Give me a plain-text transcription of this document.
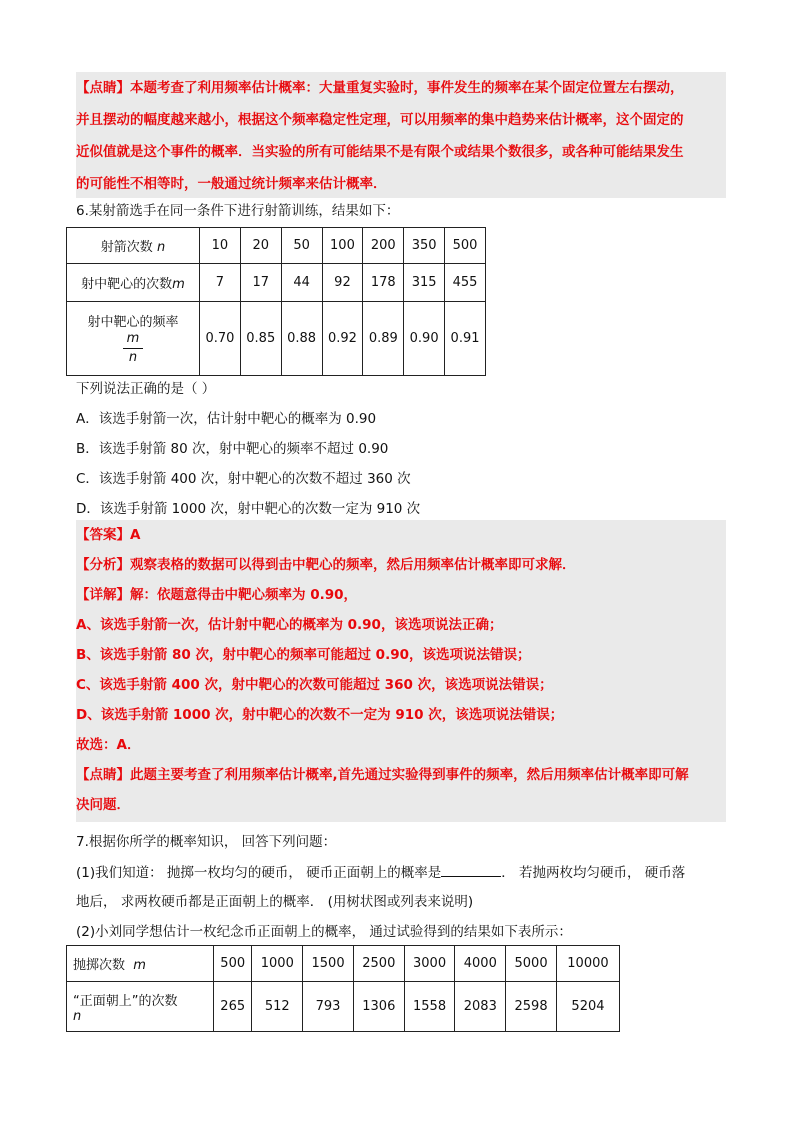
【点睛】本题考查了利用频率估计概率：大量重复实验时，事件发生的频率在某个固定位置左右摆动，
并且摆动的幅度越来越小，根据这个频率稳定性定理，可以用频率的集中趋势来估计概率，这个固定的
近似值就是这个事件的概率．当实验的所有可能结果不是有限个或结果个数很多，或各种可能结果发生
的可能性不相等时，一般通过统计频率来估计概率．
6.某射箭选手在同一条件下进行射箭训练，结果如下：
射箭次数 n	10	20	50	100	200	350	500
射中靶心的次数m	7	17	44	92	178	315	455

射中靶心的频率
$\frac{m}{n}$	0.70	0.85	0.88	0.92	0.89	0.90	0.91
下列说法正确的是（ ）
A．该选手射箭一次，估计射中靶心的概率为 0.90
B．该选手射箭 80 次，射中靶心的频率不超过 0.90
C．该选手射箭 400 次，射中靶心的次数不超过 360 次
D．该选手射箭 1000 次，射中靶心的次数一定为 910 次
【答案】A
【分析】观察表格的数据可以得到击中靶心的频率，然后用频率估计概率即可求解．
【详解】解：依题意得击中靶心频率为 0.90，
A、该选手射箭一次，估计射中靶心的概率为 0.90，该选项说法正确；
B、该选手射箭 80 次，射中靶心的频率可能超过 0.90，该选项说法错误；
C、该选手射箭 400 次，射中靶心的次数可能超过 360 次，该选项说法错误；
D、该选手射箭 1000 次，射中靶心的次数不一定为 910 次，该选项说法错误；
故选：A．
【点睛】此题主要考查了利用频率估计概率,首先通过实验得到事件的频率，然后用频率估计概率即可解
决问题．
7.根据你所学的概率知识， 回答下列问题：
(1)我们知道： 抛掷一枚均匀的硬币， 硬币正面朝上的概率是	． 若抛两枚均匀硬币， 硬币落
地后， 求两枚硬币都是正面朝上的概率． (用树状图或列表来说明)
(2)小刘同学想估计一枚纪念币正面朝上的概率， 通过试验得到的结果如下表所示：
抛掷次数 m	500	1000	1500	2500	3000	4000	5000	10000

“正面朝上”的次数
n	265	512	793	1306	1558	2083	2598	5204
